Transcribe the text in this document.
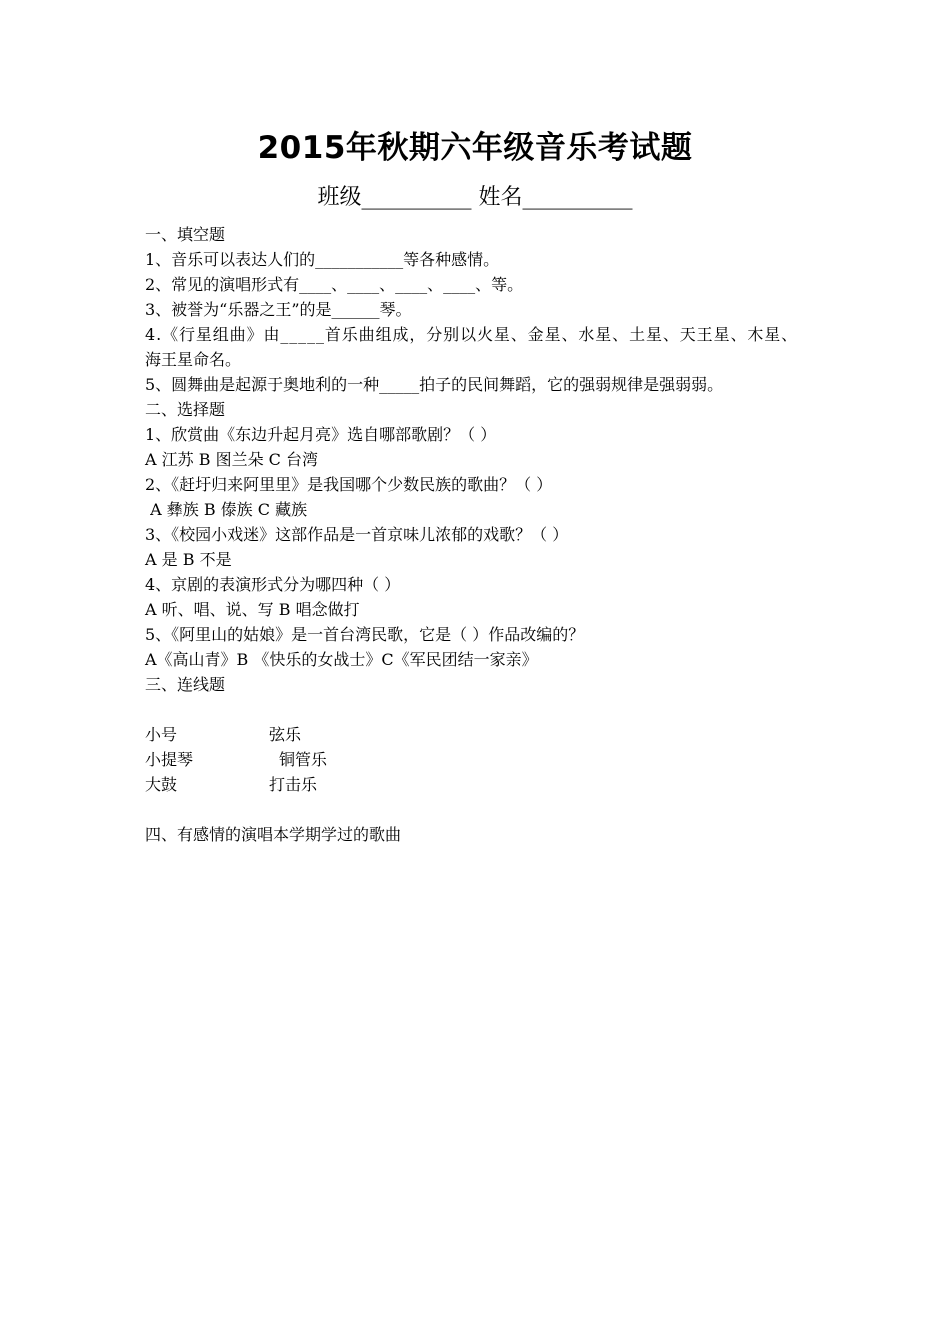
2015年秋期六年级音乐考试题
班级__________ 姓名__________
一、填空题
1、音乐可以表达人们的___________等各种感情。
2、常见的演唱形式有____、____、____、____、等。
3、被誉为“乐器之王”的是______琴。
4.《行星组曲》由_____首乐曲组成，分别以火星、金星、水星、土星、天王星、木星、
海王星命名。
5、圆舞曲是起源于奥地利的一种_____拍子的民间舞蹈，它的强弱规律是强弱弱。
二、选择题
1、欣赏曲《东边升起月亮》选自哪部歌剧？（ ）
A 江苏 B 图兰朵 C 台湾
2、《赶圩归来阿里里》是我国哪个少数民族的歌曲？（ ）
A 彝族 B 傣族 C 藏族
3、《校园小戏迷》这部作品是一首京味儿浓郁的戏歌？（ ）
A 是 B 不是
4、京剧的表演形式分为哪四种（ ）
A 听、唱、说、写 B 唱念做打
5、《阿里山的姑娘》是一首台湾民歌，它是（ ）作品改编的？
A《高山青》B 《快乐的女战士》C《军民团结一家亲》
三、连线题
小号	弦乐
小提琴	铜管乐
大鼓	打击乐
四、有感情的演唱本学期学过的歌曲
